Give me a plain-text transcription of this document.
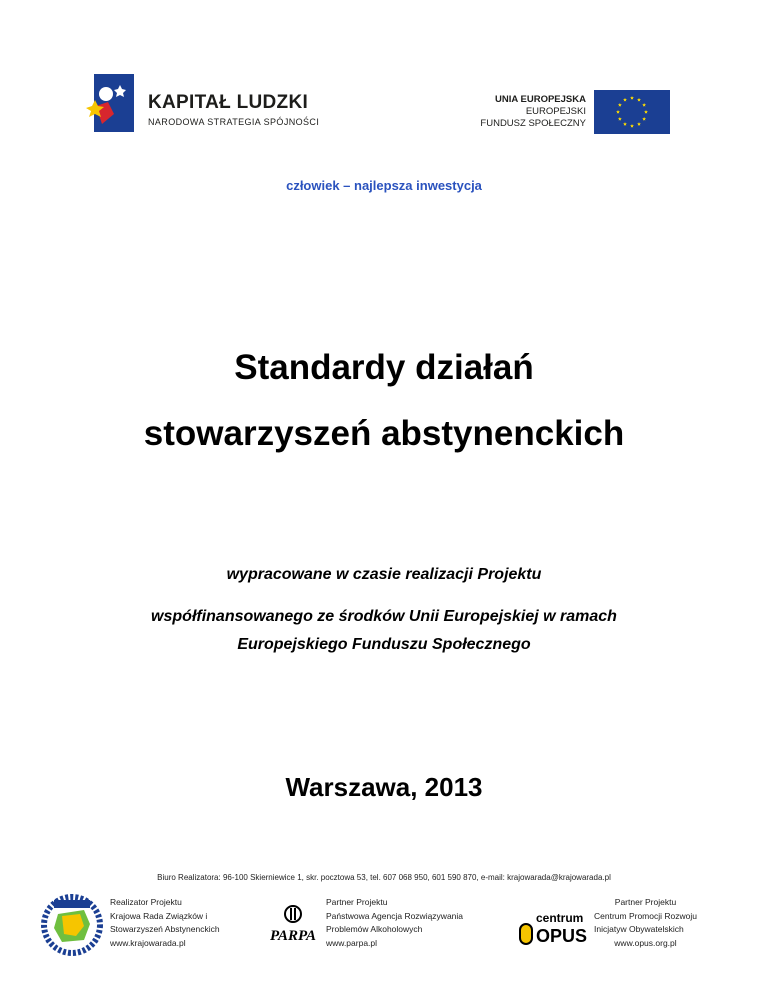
KAPITAŁ LUDZKI
NARODOWA STRATEGIA SPÓJNOŚCI
UNIA EUROPEJSKA
EUROPEJSKI
FUNDUSZ SPOŁECZNY
człowiek – najlepsza inwestycja
Standardy działań
stowarzyszeń abstynenckich
wypracowane w czasie realizacji Projektu
współfinansowanego ze środków Unii Europejskiej w ramach
Europejskiego Funduszu Społecznego
Warszawa, 2013
Biuro Realizatora: 96-100 Skierniewice 1, skr. pocztowa 53, tel. 607 068 950, 601 590 870, e-mail: krajowarada@krajowarada.pl
Realizator Projektu
Krajowa Rada Związków i
Stowarzyszeń Abstynenckich
www.krajowarada.pl	PARPA
Partner Projektu
Państwowa Agencja Rozwiązywania
Problemów Alkoholowych
www.parpa.pl
centrum
OPUS
Partner Projektu
Centrum Promocji Rozwoju
Inicjatyw Obywatelskich
www.opus.org.pl
